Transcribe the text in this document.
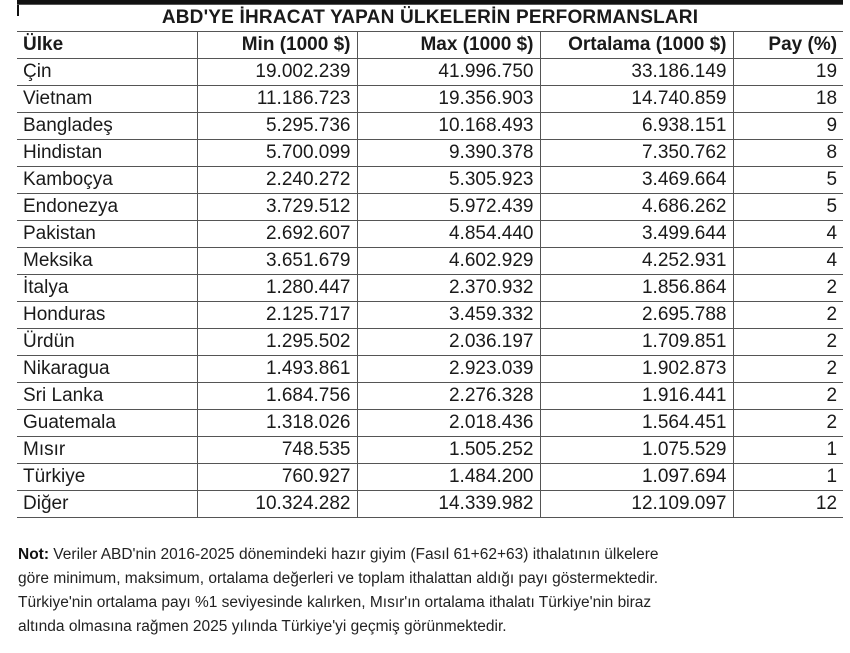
ABD'YE İHRACAT YAPAN ÜLKELERİN PERFORMANSLARI				
Ülke	Min (1000 $)	Max (1000 $)	Ortalama (1000 $)	Pay (%)
Çin	19.002.239	41.996.750	33.186.149	19
Vietnam	11.186.723	19.356.903	14.740.859	18
Bangladeş	5.295.736	10.168.493	6.938.151	9
Hindistan	5.700.099	9.390.378	7.350.762	8
Kamboçya	2.240.272	5.305.923	3.469.664	5
Endonezya	3.729.512	5.972.439	4.686.262	5
Pakistan	2.692.607	4.854.440	3.499.644	4
Meksika	3.651.679	4.602.929	4.252.931	4
İtalya	1.280.447	2.370.932	1.856.864	2
Honduras	2.125.717	3.459.332	2.695.788	2
Ürdün	1.295.502	2.036.197	1.709.851	2
Nikaragua	1.493.861	2.923.039	1.902.873	2
Sri Lanka	1.684.756	2.276.328	1.916.441	2
Guatemala	1.318.026	2.018.436	1.564.451	2
Mısır	748.535	1.505.252	1.075.529	1
Türkiye	760.927	1.484.200	1.097.694	1
Diğer	10.324.282	14.339.982	12.109.097	12
Not: Veriler ABD'nin 2016-2025 dönemindeki hazır giyim (Fasıl 61+62+63) ithalatının ülkelere
göre minimum, maksimum, ortalama değerleri ve toplam ithalattan aldığı payı göstermektedir.
Türkiye'nin ortalama payı %1 seviyesinde kalırken, Mısır'ın ortalama ithalatı Türkiye'nin biraz
altında olmasına rağmen 2025 yılında Türkiye'yi geçmiş görünmektedir.
